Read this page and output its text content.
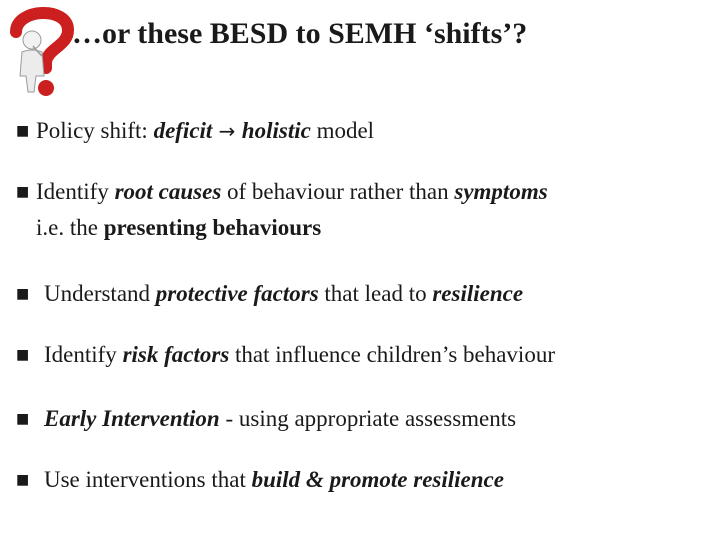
…or these BESD to SEMH ‘shifts’?
■ Policy shift: deficit → holistic model
■ Identify root causes of behaviour rather than symptoms
i.e. the presenting behaviours
■ Understand protective factors that lead to resilience
■ Identify risk factors that influence children’s behaviour
■ Early Intervention - using appropriate assessments
■ Use interventions that build & promote resilience
